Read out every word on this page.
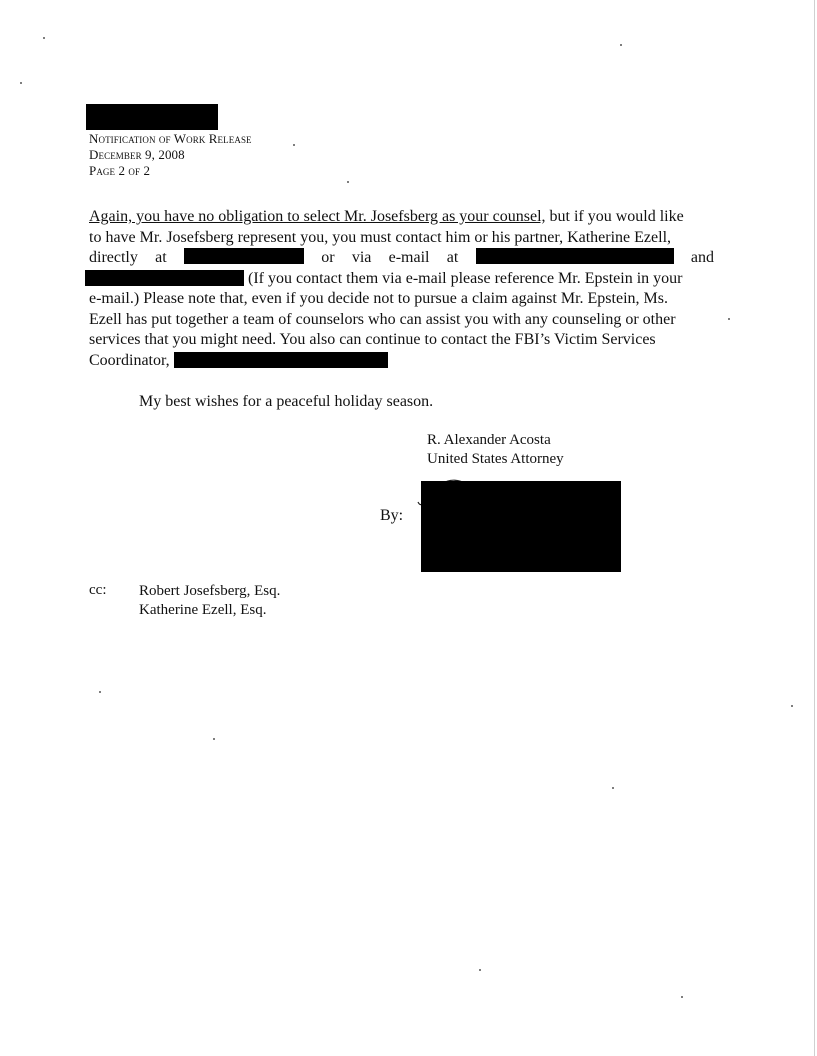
Notification of Work Release
December 9, 2008
Page 2 of 2
Again, you have no obligation to select Mr. Josefsberg as your counsel, but if you would like
to have Mr. Josefsberg represent you, you must contact him or his partner, Katherine Ezell,
directly at	or via e-mail at	and
(If you contact them via e-mail please reference Mr. Epstein in your
e-mail.) Please note that, even if you decide not to pursue a claim against Mr. Epstein, Ms.
Ezell has put together a team of counselors who can assist you with any counseling or other
services that you might need. You also can continue to contact the FBI’s Victim Services
Coordinator,
My best wishes for a peaceful holiday season.
R. Alexander Acosta
United States Attorney
By:
cc: Robert Josefsberg, Esq.
Katherine Ezell, Esq.
